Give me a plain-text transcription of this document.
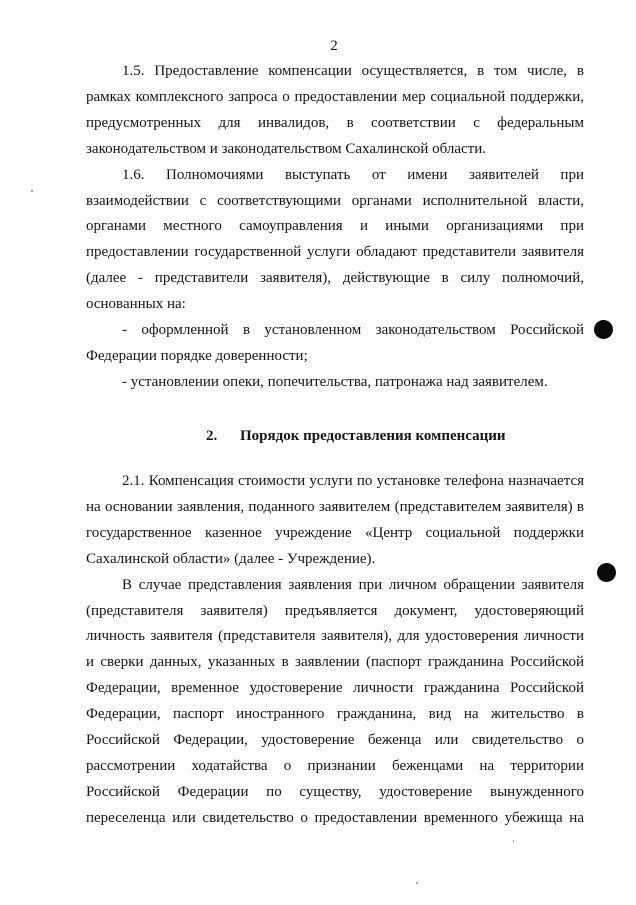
2

1.5. Предоставление компенсации осуществляется, в том числе, в рамках комплексного запроса о предоставлении мер социальной поддержки, предусмотренных для инвалидов, в соответствии с федеральным законодательством и законодательством Сахалинской области.

1.6. Полномочиями выступать от имени заявителей при взаимодействии с соответствующими органами исполнительной власти, органами местного самоуправления и иными организациями при предоставлении государственной услуги обладают представители заявителя (далее - представители заявителя), действующие в силу полномочий, основанных на:

- оформленной в установленном законодательством Российской Федерации порядке доверенности;

- установлении опеки, попечительства, патронажа над заявителем.

2. Порядок предоставления компенсации

2.1. Компенсация стоимости услуги по установке телефона назначается на основании заявления, поданного заявителем (представителем заявителя) в государственное казенное учреждение «Центр социальной поддержки Сахалинской области» (далее - Учреждение).

В случае представления заявления при личном обращении заявителя (представителя заявителя) предъявляется документ, удостоверяющий личность заявителя (представителя заявителя), для удостоверения личности и сверки данных, указанных в заявлении (паспорт гражданина Российской Федерации, временное удостоверение личности гражданина Российской Федерации, паспорт иностранного гражданина, вид на жительство в Российской Федерации, удостоверение беженца или свидетельство о рассмотрении ходатайства о признании беженцами на территории Российской Федерации по существу, удостоверение вынужденного переселенца или свидетельство о предоставлении временного убежища на
